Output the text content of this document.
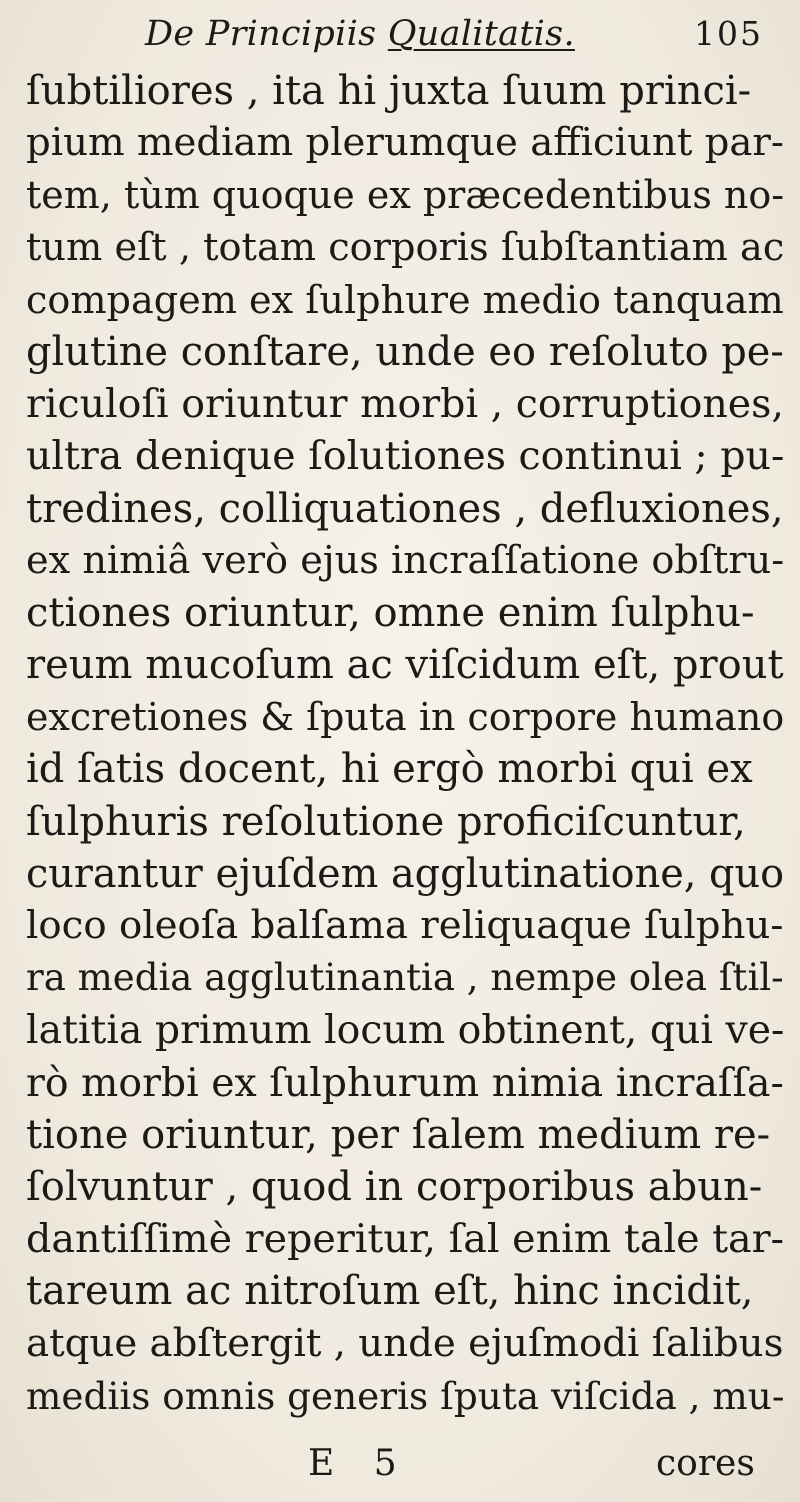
De Principiis Qualitatis.	105
ſubtiliores , ita hi juxta ſuum princi-
pium mediam plerumque afficiunt par-
tem, tùm quoque ex præcedentibus no-
tum eſt , totam corporis ſubſtantiam ac
compagem ex ſulphure medio tanquam
glutine conſtare, unde eo reſoluto pe-
riculoſi oriuntur morbi , corruptiones,
ultra denique ſolutiones continui ; pu-
tredines, colliquationes , defluxiones,
ex nimiâ verò ejus incraſſatione obſtru-
ctiones oriuntur, omne enim ſulphu-
reum mucoſum ac viſcidum eſt, prout
excretiones & ſputa in corpore humano
id ſatis docent, hi ergò morbi qui ex
ſulphuris reſolutione proficiſcuntur,
curantur ejuſdem agglutinatione, quo
loco oleoſa balſama reliquaque ſulphu-
ra media agglutinantia , nempe olea ſtil-
latitia primum locum obtinent, qui ve-
rò morbi ex ſulphurum nimia incraſſa-
tione oriuntur, per ſalem medium re-
ſolvuntur , quod in corporibus abun-
dantiſſimè reperitur, ſal enim tale tar-
tareum ac nitroſum eſt, hinc incidit,
atque abſtergit , unde ejuſmodi ſalibus
mediis omnis generis ſputa viſcida , mu-
E 5	cores
